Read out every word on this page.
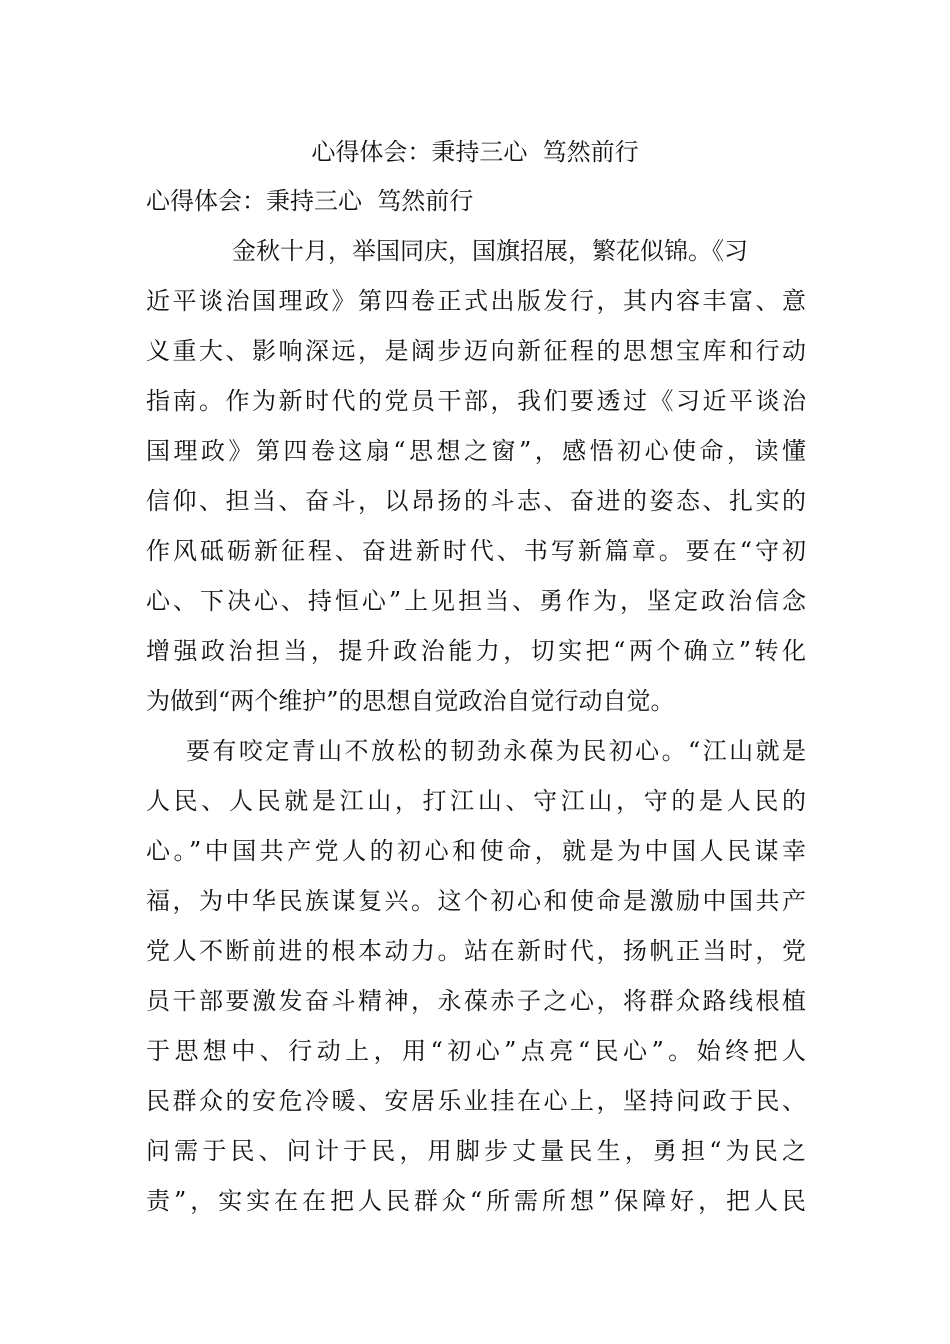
心得体会：秉持三心  笃然前行
心得体会：秉持三心  笃然前行
金秋十月，举国同庆，国旗招展，繁花似锦。《习
近平谈治国理政》第四卷正式出版发行，其内容丰富、意
义重大、影响深远，是阔步迈向新征程的思想宝库和行动
指南。作为新时代的党员干部，我们要透过《习近平谈治
国理政》第四卷这扇“思想之窗”，感悟初心使命，读懂
信仰、担当、奋斗，以昂扬的斗志、奋进的姿态、扎实的
作风砥砺新征程、奋进新时代、书写新篇章。要在“守初
心、下决心、持恒心”上见担当、勇作为，坚定政治信念
增强政治担当，提升政治能力，切实把“两个确立”转化
为做到“两个维护”的思想自觉政治自觉行动自觉。
要有咬定青山不放松的韧劲永葆为民初心。“江山就是
人民、人民就是江山，打江山、守江山，守的是人民的
心。”中国共产党人的初心和使命，就是为中国人民谋幸
福，为中华民族谋复兴。这个初心和使命是激励中国共产
党人不断前进的根本动力。站在新时代，扬帆正当时，党
员干部要激发奋斗精神，永葆赤子之心，将群众路线根植
于思想中、行动上，用“初心”点亮“民心”。始终把人
民群众的安危冷暖、安居乐业挂在心上，坚持问政于民、
问需于民、问计于民，用脚步丈量民生，勇担“为民之
责”，实实在在把人民群众“所需所想”保障好，把人民
